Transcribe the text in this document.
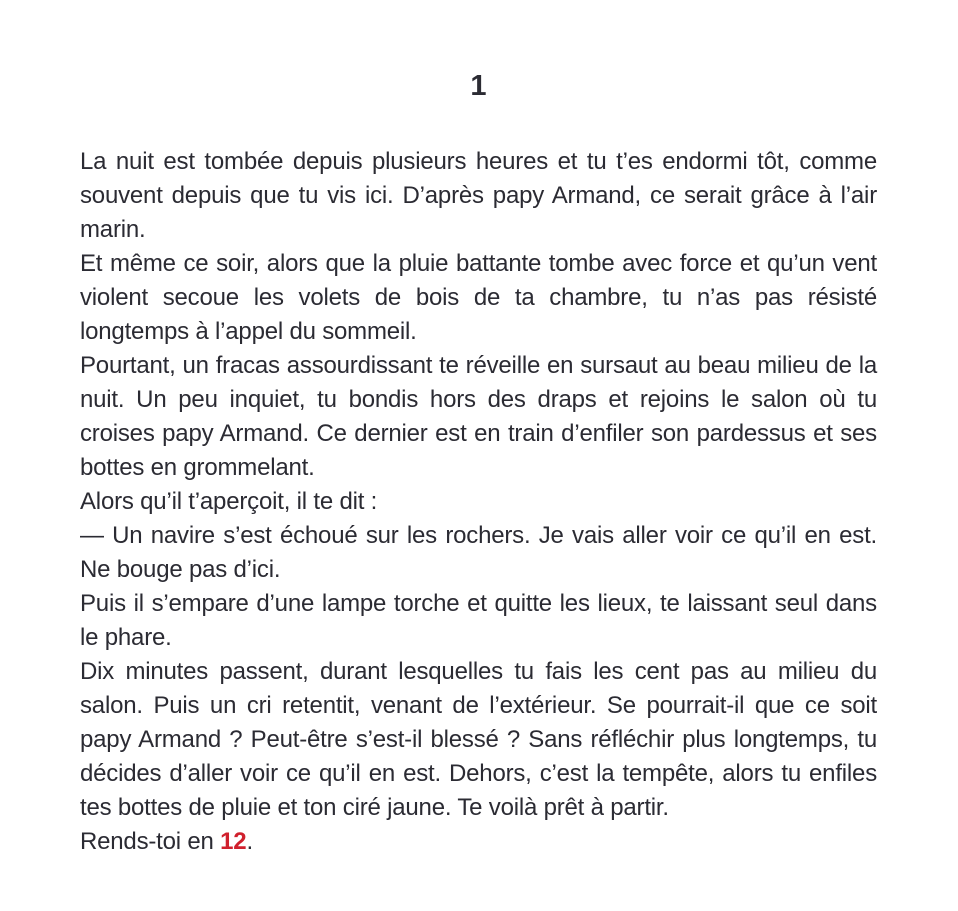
1

La nuit est tombée depuis plusieurs heures et tu t’es endormi tôt, comme souvent depuis que tu vis ici. D’après papy Armand, ce serait grâce à l’air marin.

Et même ce soir, alors que la pluie battante tombe avec force et qu’un vent violent secoue les volets de bois de ta chambre, tu n’as pas résisté longtemps à l’appel du sommeil.

Pourtant, un fracas assourdissant te réveille en sursaut au beau milieu de la nuit. Un peu inquiet, tu bondis hors des draps et rejoins le salon où tu croises papy Armand. Ce dernier est en train d’enfiler son pardessus et ses bottes en grommelant.

Alors qu’il t’aperçoit, il te dit :

— Un navire s’est échoué sur les rochers. Je vais aller voir ce qu’il en est. Ne bouge pas d’ici.

Puis il s’empare d’une lampe torche et quitte les lieux, te laissant seul dans le phare.

Dix minutes passent, durant lesquelles tu fais les cent pas au milieu du salon. Puis un cri retentit, venant de l’extérieur. Se pourrait-il que ce soit papy Armand ? Peut-être s’est-il blessé ? Sans réfléchir plus longtemps, tu décides d’aller voir ce qu’il en est. Dehors, c’est la tempête, alors tu enfiles tes bottes de pluie et ton ciré jaune. Te voilà prêt à partir.

Rends-toi en 12.
